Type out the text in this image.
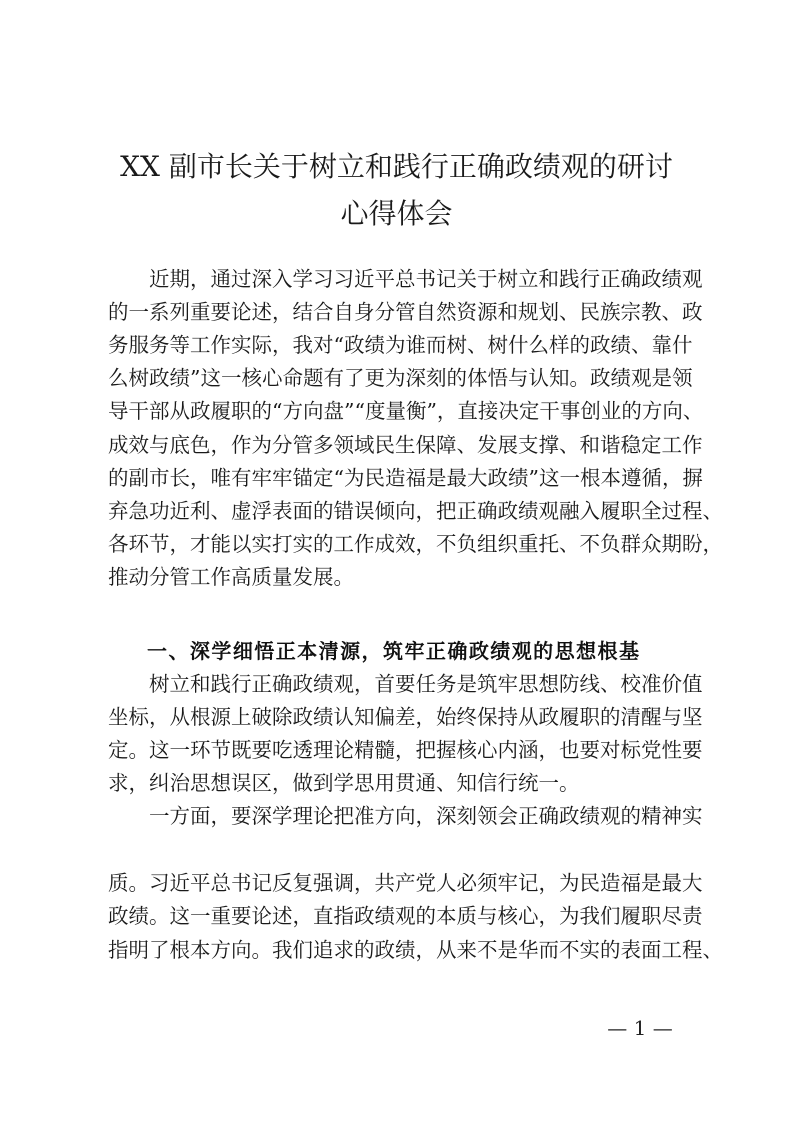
XX 副市长关于树立和践行正确政绩观的研讨
心得体会
近期，通过深入学习习近平总书记关于树立和践行正确政绩观
的一系列重要论述，结合自身分管自然资源和规划、民族宗教、政
务服务等工作实际，我对“政绩为谁而树、树什么样的政绩、靠什
么树政绩”这一核心命题有了更为深刻的体悟与认知。政绩观是领
导干部从政履职的“方向盘”“度量衡”，直接决定干事创业的方向、
成效与底色，作为分管多领域民生保障、发展支撑、和谐稳定工作
的副市长，唯有牢牢锚定“为民造福是最大政绩”这一根本遵循，摒
弃急功近利、虚浮表面的错误倾向，把正确政绩观融入履职全过程、
各环节，才能以实打实的工作成效，不负组织重托、不负群众期盼，
推动分管工作高质量发展。
一、深学细悟正本清源，筑牢正确政绩观的思想根基
树立和践行正确政绩观，首要任务是筑牢思想防线、校准价值
坐标，从根源上破除政绩认知偏差，始终保持从政履职的清醒与坚
定。这一环节既要吃透理论精髓，把握核心内涵，也要对标党性要
求，纠治思想误区，做到学思用贯通、知信行统一。
一方面，要深学理论把准方向，深刻领会正确政绩观的精神实
质。习近平总书记反复强调，共产党人必须牢记，为民造福是最大
政绩。这一重要论述，直指政绩观的本质与核心，为我们履职尽责
指明了根本方向。我们追求的政绩，从来不是华而不实的表面工程、
— 1 —
